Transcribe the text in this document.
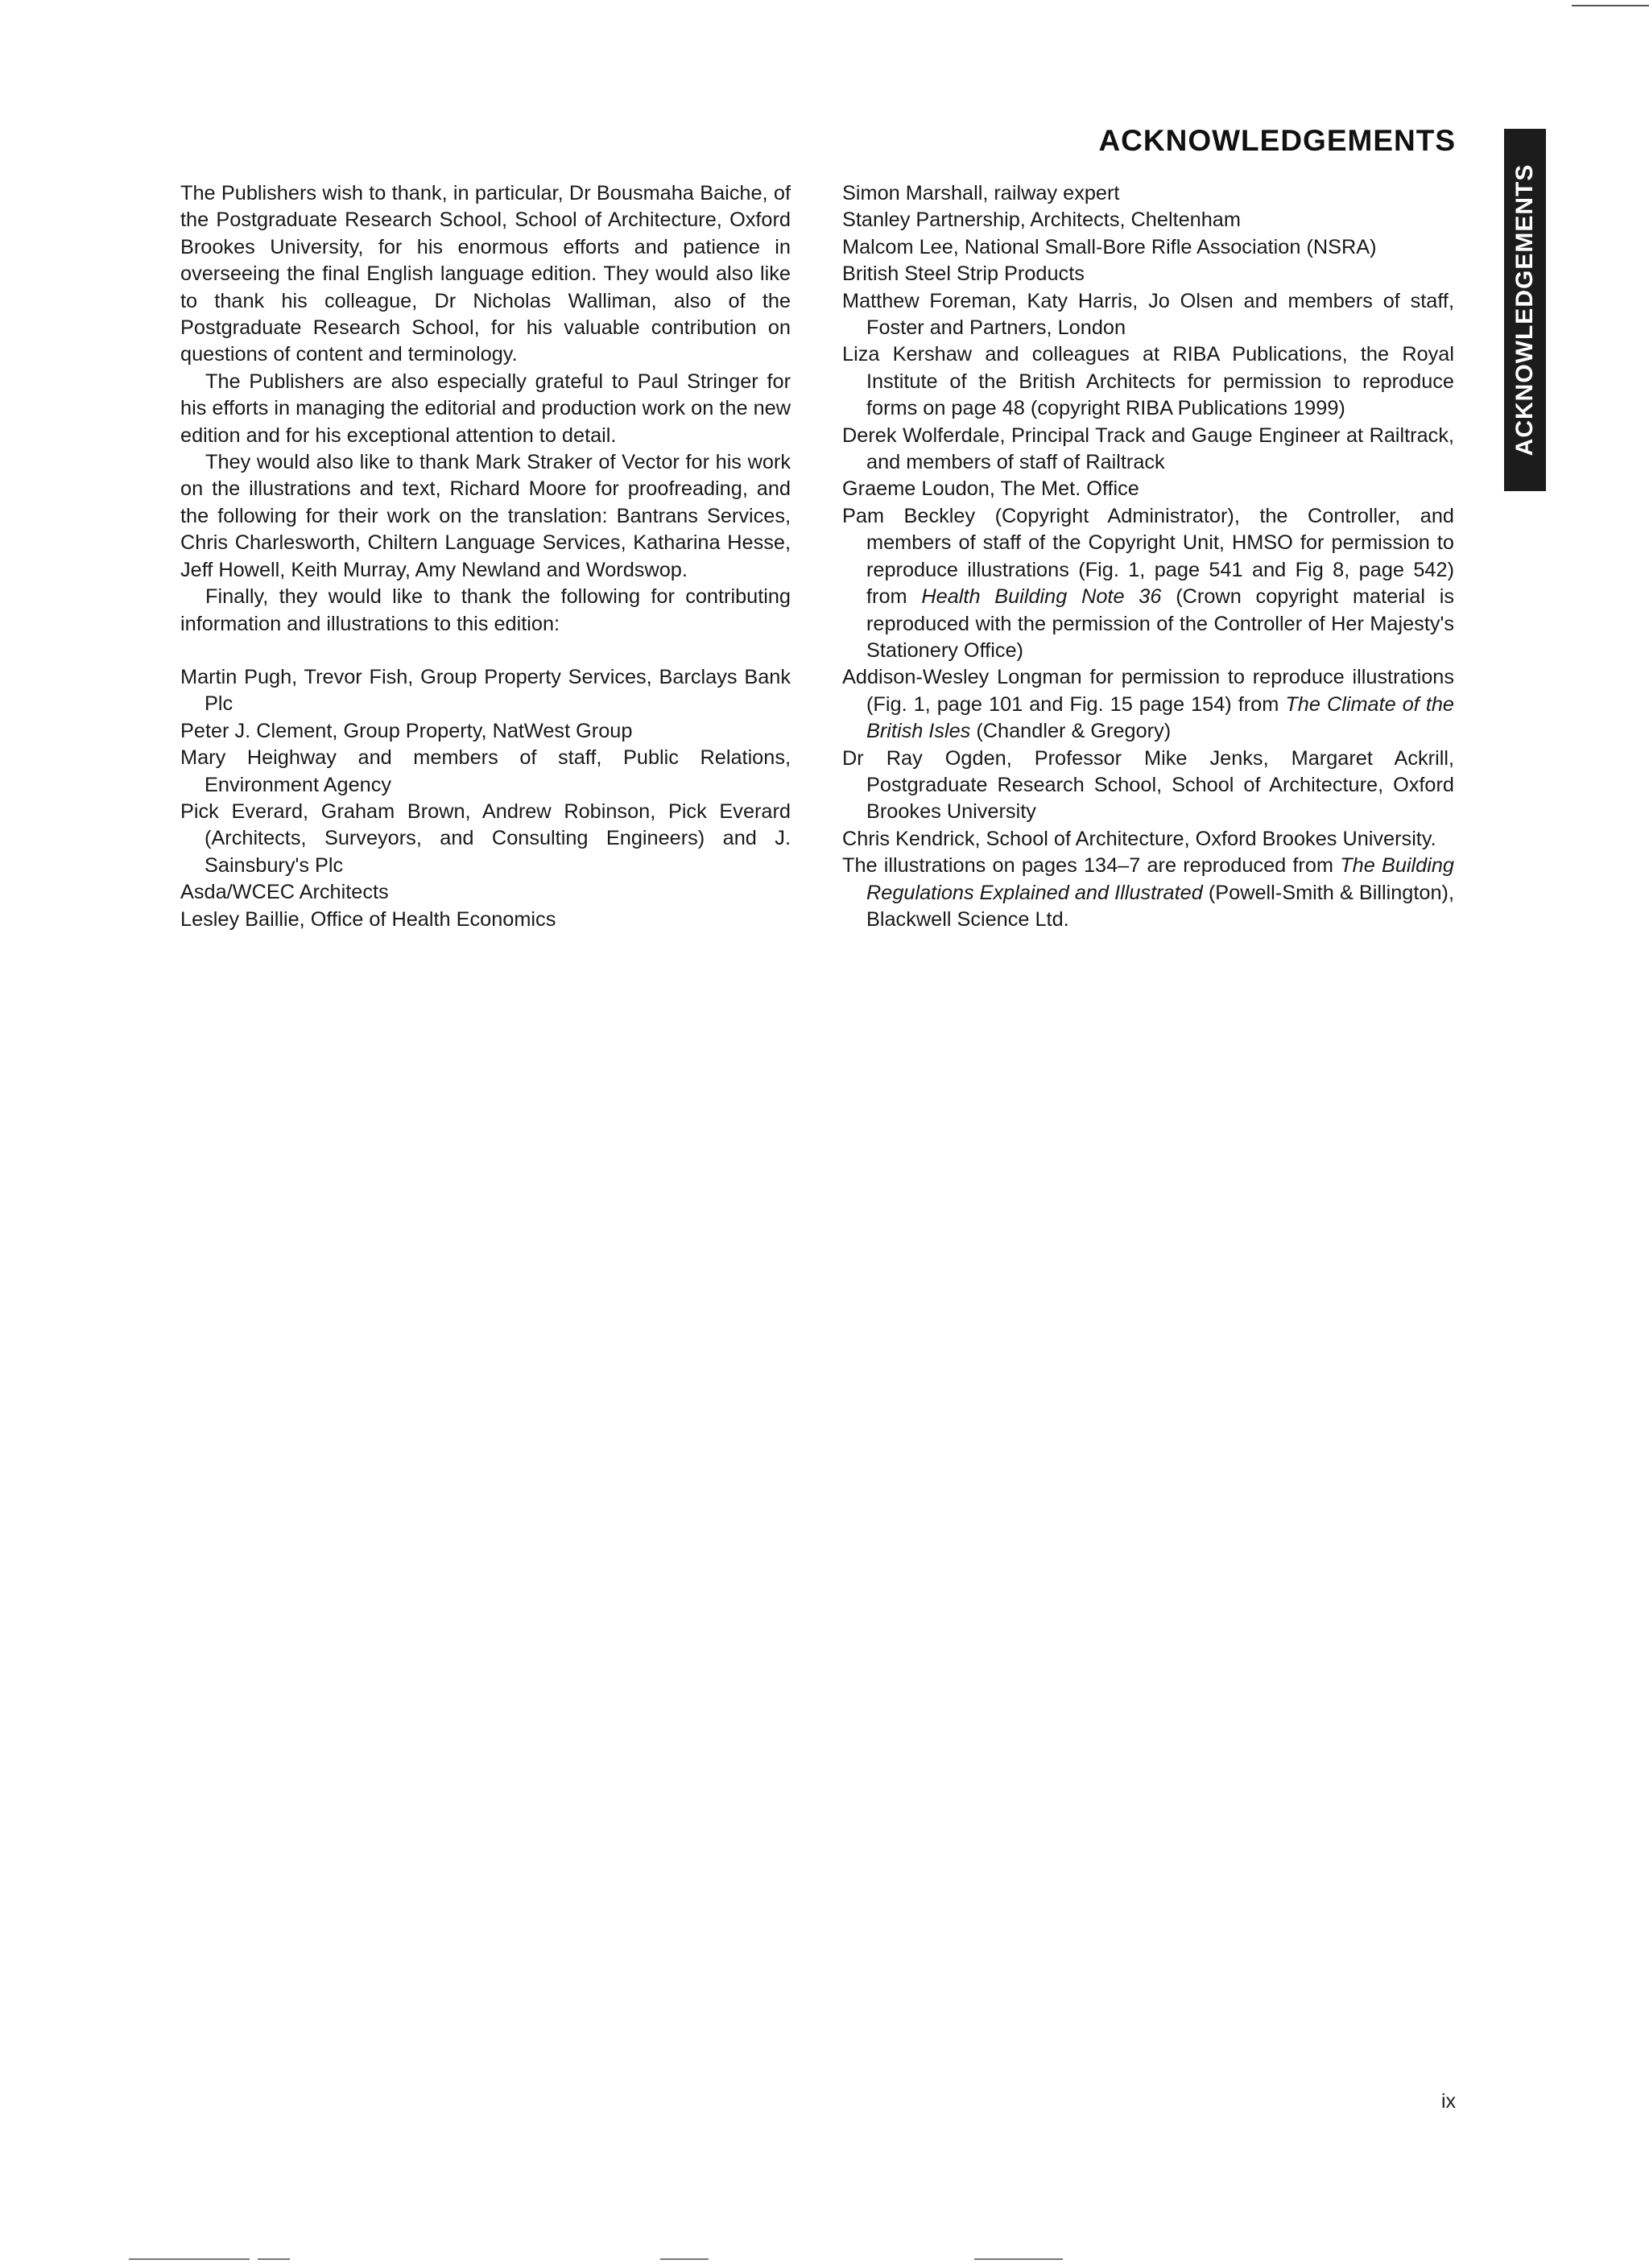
ACKNOWLEDGEMENTS
ACKNOWLEDGEMENTS

The Publishers wish to thank, in particular, Dr Bousmaha Baiche, of the Postgraduate Research School, School of Architecture, Oxford Brookes University, for his enormous efforts and patience in overseeing the final English language edition. They would also like to thank his colleague, Dr Nicholas Walliman, also of the Postgraduate Research School, for his valuable contribution on questions of content and terminology.

The Publishers are also especially grateful to Paul Stringer for his efforts in managing the editorial and production work on the new edition and for his exceptional attention to detail.

They would also like to thank Mark Straker of Vector for his work on the illustrations and text, Richard Moore for proofreading, and the following for their work on the translation: Bantrans Services, Chris Charlesworth, Chiltern Language Services, Katharina Hesse, Jeff Howell, Keith Murray, Amy Newland and Wordswop.

Finally, they would like to thank the following for contributing information and illustrations to this edition:

Martin Pugh, Trevor Fish, Group Property Services, Barclays Bank Plc

Peter J. Clement, Group Property, NatWest Group

Mary Heighway and members of staff, Public Relations, Environment Agency

Pick Everard, Graham Brown, Andrew Robinson, Pick Everard (Architects, Surveyors, and Consulting Engineers) and J. Sainsbury's Plc

Asda/WCEC Architects

Lesley Baillie, Office of Health Economics

Simon Marshall, railway expert

Stanley Partnership, Architects, Cheltenham

Malcom Lee, National Small-Bore Rifle Association (NSRA)

British Steel Strip Products

Matthew Foreman, Katy Harris, Jo Olsen and members of staff, Foster and Partners, London

Liza Kershaw and colleagues at RIBA Publications, the Royal Institute of the British Architects for permission to reproduce forms on page 48 (copyright RIBA Publications 1999)

Derek Wolferdale, Principal Track and Gauge Engineer at Railtrack, and members of staff of Railtrack

Graeme Loudon, The Met. Office

Pam Beckley (Copyright Administrator), the Controller, and members of staff of the Copyright Unit, HMSO for permission to reproduce illustrations (Fig. 1, page 541 and Fig 8, page 542) from Health Building Note 36 (Crown copyright material is reproduced with the permission of the Controller of Her Majesty's Stationery Office)

Addison-Wesley Longman for permission to reproduce illustrations (Fig. 1, page 101 and Fig. 15 page 154) from The Climate of the British Isles (Chandler & Gregory)

Dr Ray Ogden, Professor Mike Jenks, Margaret Ackrill, Postgraduate Research School, School of Architecture, Oxford Brookes University

Chris Kendrick, School of Architecture, Oxford Brookes University.

The illustrations on pages 134–7 are reproduced from The Building Regulations Explained and Illustrated (Powell-Smith & Billington), Blackwell Science Ltd.

ix
